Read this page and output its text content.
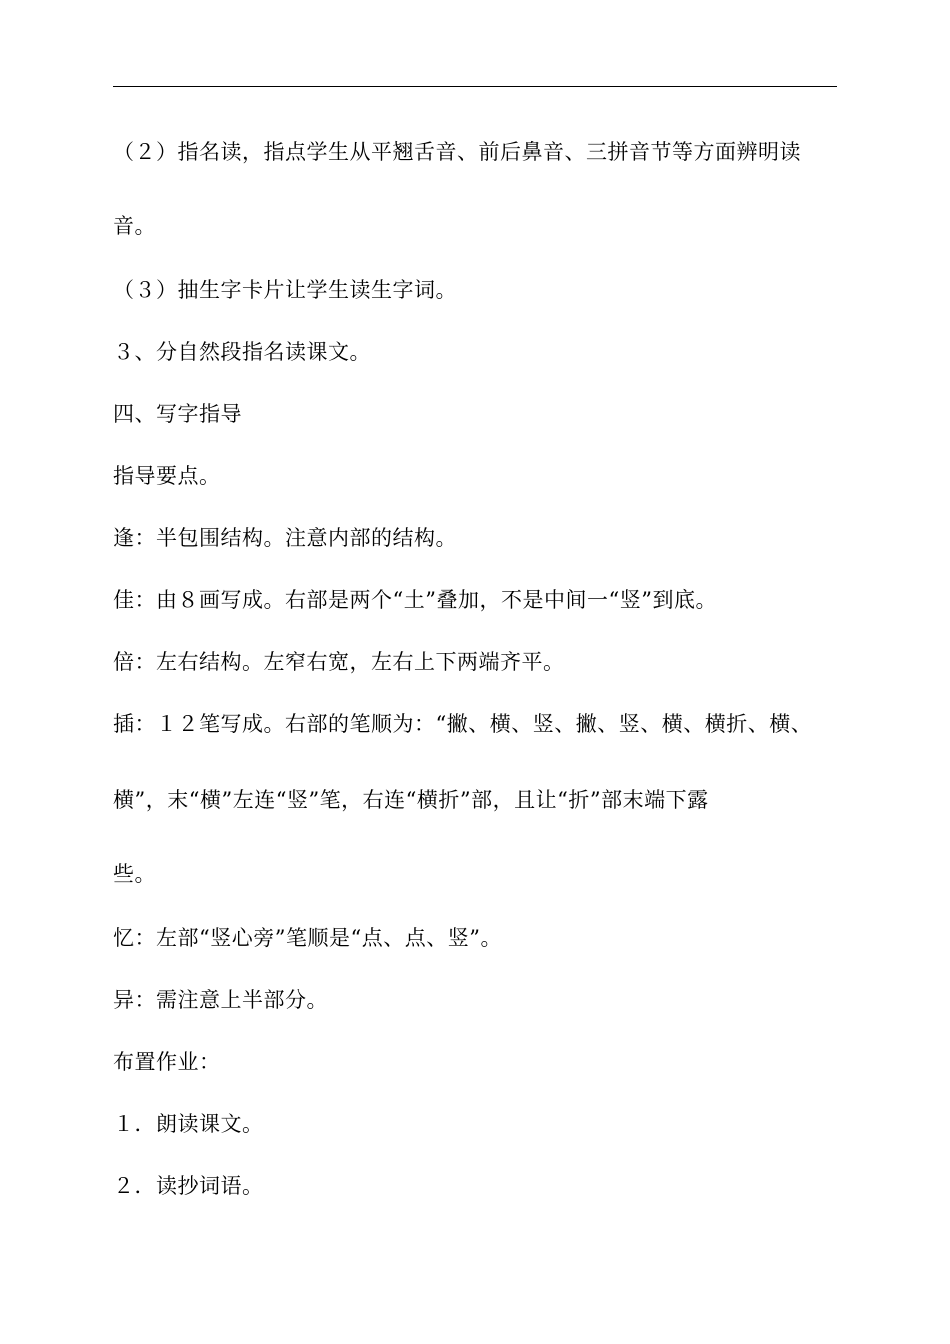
（２）指名读，指点学生从平翘舌音、前后鼻音、三拼音节等方面辨明读
音。
（３）抽生字卡片让学生读生字词。
３、分自然段指名读课文。
四、写字指导
指导要点。
逢：半包围结构。注意内部的结构。
佳：由８画写成。右部是两个“土”叠加，不是中间一“竖”到底。
倍：左右结构。左窄右宽，左右上下两端齐平。
插：１２笔写成。右部的笔顺为：“撇、横、竖、撇、竖、横、横折、横、
横”，末“横”左连“竖”笔，右连“横折”部，且让“折”部末端下露
些。
忆：左部“竖心旁”笔顺是“点、点、竖”。
异：需注意上半部分。
布置作业：
１．朗读课文。
２．读抄词语。
